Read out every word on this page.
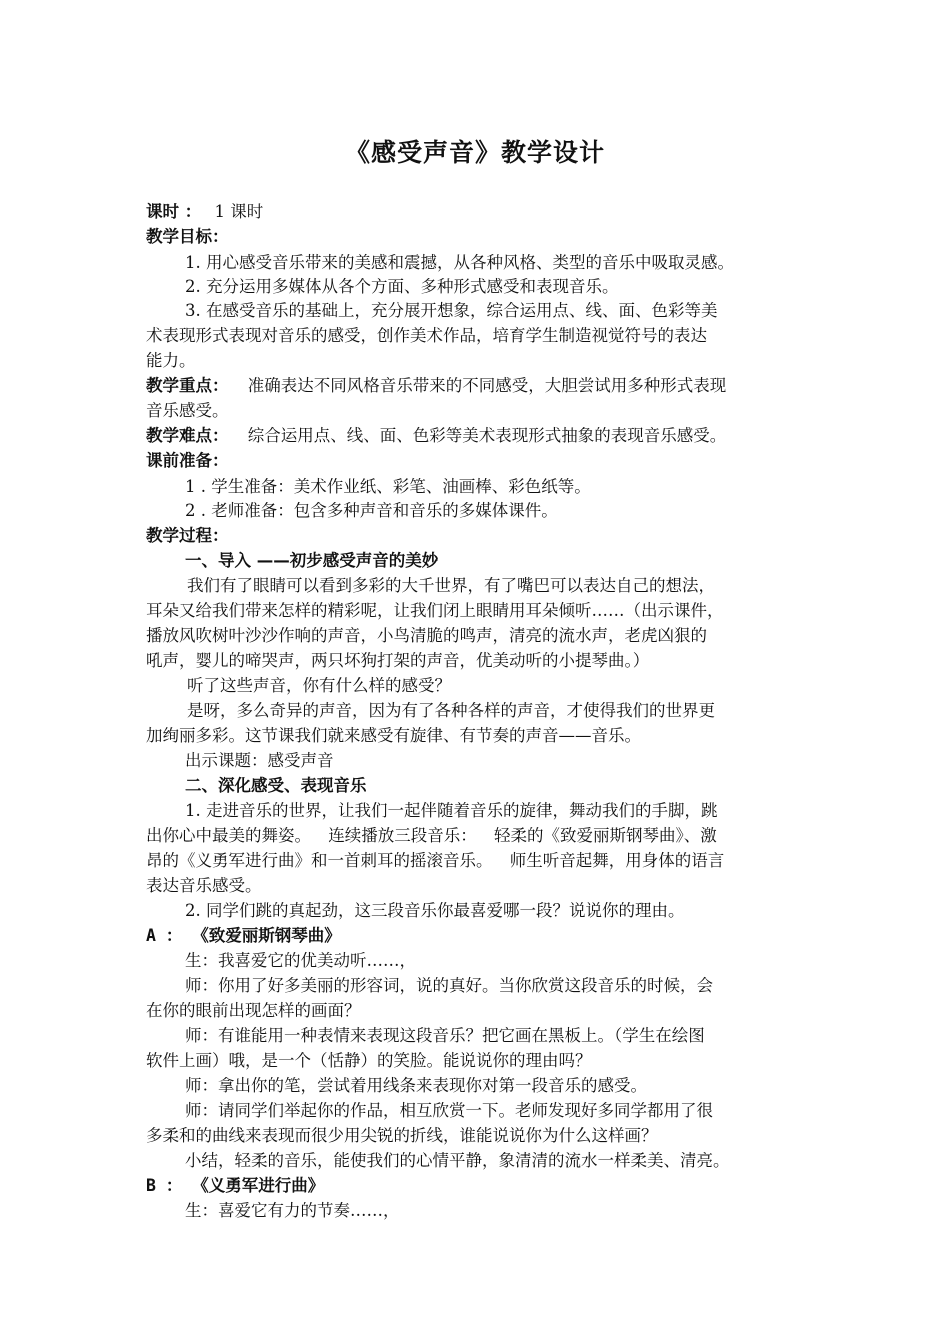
《感受声音》教学设计
课时 ： 1 课时
教学目标：
1. 用心感受音乐带来的美感和震撼，从各种风格、类型的音乐中吸取灵感。
2. 充分运用多媒体从各个方面、多种形式感受和表现音乐。
3. 在感受音乐的基础上，充分展开想象，综合运用点、线、面、色彩等美
术表现形式表现对音乐的感受，创作美术作品，培育学生制造视觉符号的表达
能力。
教学重点： 准确表达不同风格音乐带来的不同感受，大胆尝试用多种形式表现
音乐感受。
教学难点： 综合运用点、线、面、色彩等美术表现形式抽象的表现音乐感受。
课前准备：
1 . 学生准备：美术作业纸、彩笔、油画棒、彩色纸等。
2 . 老师准备：包含多种声音和音乐的多媒体课件。
教学过程：
一、导入 ——初步感受声音的美妙
我们有了眼睛可以看到多彩的大千世界，有了嘴巴可以表达自己的想法，
耳朵又给我们带来怎样的精彩呢，让我们闭上眼睛用耳朵倾听……（出示课件，
播放风吹树叶沙沙作响的声音，小鸟清脆的鸣声，清亮的流水声，老虎凶狠的
吼声，婴儿的啼哭声，两只坏狗打架的声音，优美动听的小提琴曲。）
听了这些声音，你有什么样的感受？
是呀，多么奇异的声音，因为有了各种各样的声音，才使得我们的世界更
加绚丽多彩。这节课我们就来感受有旋律、有节奏的声音——音乐。
出示课题：感受声音
二、深化感受、表现音乐
1. 走进音乐的世界，让我们一起伴随着音乐的旋律，舞动我们的手脚，跳
出你心中最美的舞姿。 连续播放三段音乐： 轻柔的《致爱丽斯钢琴曲》、激
昂的《义勇军进行曲》和一首刺耳的摇滚音乐。 师生听音起舞，用身体的语言
表达音乐感受。
2. 同学们跳的真起劲，这三段音乐你最喜爱哪一段？说说你的理由。
A ： 《致爱丽斯钢琴曲》
生：我喜爱它的优美动听……，
师：你用了好多美丽的形容词，说的真好。当你欣赏这段音乐的时候，会
在你的眼前出现怎样的画面？
师：有谁能用一种表情来表现这段音乐？把它画在黑板上。（学生在绘图
软件上画）哦，是一个（恬静）的笑脸。能说说你的理由吗？
师：拿出你的笔，尝试着用线条来表现你对第一段音乐的感受。
师：请同学们举起你的作品，相互欣赏一下。老师发现好多同学都用了很
多柔和的曲线来表现而很少用尖锐的折线，谁能说说你为什么这样画？
小结，轻柔的音乐，能使我们的心情平静，象清清的流水一样柔美、清亮。
B ： 《义勇军进行曲》
生：喜爱它有力的节奏……，
